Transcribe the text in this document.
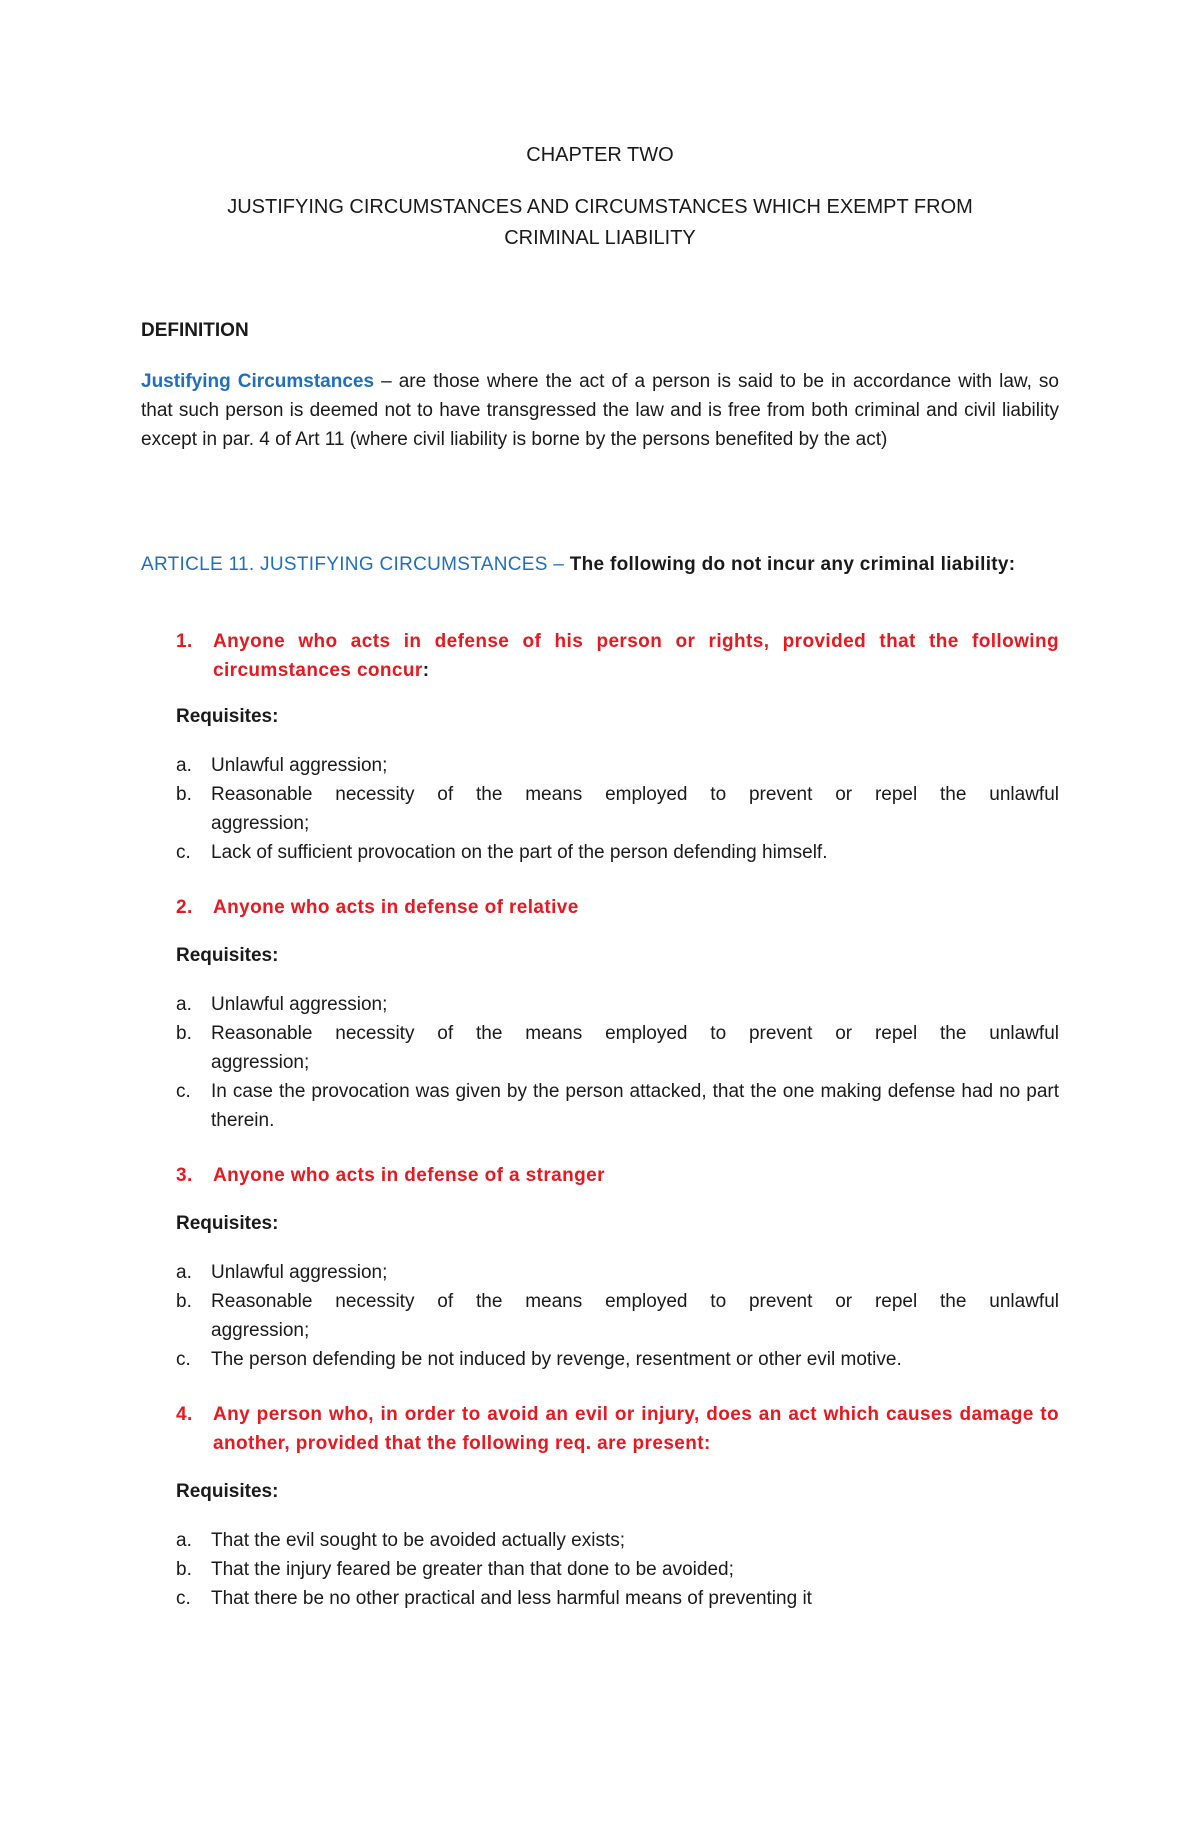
CHAPTER TWO
JUSTIFYING CIRCUMSTANCES AND CIRCUMSTANCES WHICH EXEMPT FROM
CRIMINAL LIABILITY
DEFINITION
Justifying Circumstances – are those where the act of a person is said to be in accordance with law, so that such person is deemed not to have transgressed the law and is free from both criminal and civil liability except in par. 4 of Art 11 (where civil liability is borne by the persons benefited by the act)
ARTICLE 11. JUSTIFYING CIRCUMSTANCES – The following do not incur any criminal liability:
1. Anyone who acts in defense of his person or rights, provided that the following circumstances concur:
Requisites:
a. Unlawful aggression;
b. Reasonable necessity of the means employed to prevent or repel the unlawful
aggression;
c. Lack of sufficient provocation on the part of the person defending himself.
2. Anyone who acts in defense of relative
Requisites:
a. Unlawful aggression;
b. Reasonable necessity of the means employed to prevent or repel the unlawful
aggression;
c. In case the provocation was given by the person attacked, that the one making defense had no part therein.
3. Anyone who acts in defense of a stranger
Requisites:
a. Unlawful aggression;
b. Reasonable necessity of the means employed to prevent or repel the unlawful
aggression;
c. The person defending be not induced by revenge, resentment or other evil motive.
4. Any person who, in order to avoid an evil or injury, does an act which causes damage to another, provided that the following req. are present:
Requisites:
a. That the evil sought to be avoided actually exists;
b. That the injury feared be greater than that done to be avoided;
c. That there be no other practical and less harmful means of preventing it
